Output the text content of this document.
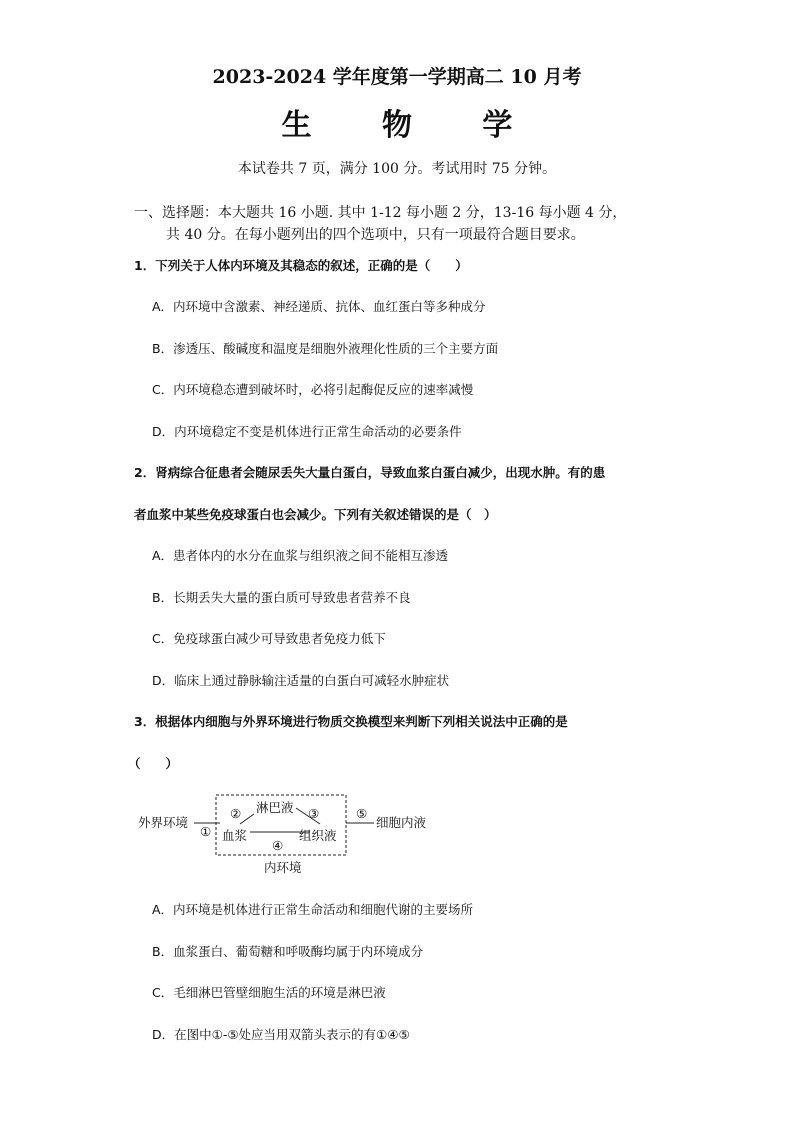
2023-2024 学年度第一学期高二 10 月考
生 物 学
本试卷共 7 页，满分 100 分。考试用时 75 分钟。
一、选择题：本大题共 16 小题. 其中 1-12 每小题 2 分，13-16 每小题 4 分，
共 40 分。在每小题列出的四个选项中，只有一项最符合题目要求。
1．下列关于人体内环境及其稳态的叙述，正确的是（　　）
A．内环境中含激素、神经递质、抗体、血红蛋白等多种成分
B．渗透压、酸碱度和温度是细胞外液理化性质的三个主要方面
C．内环境稳态遭到破坏时，必将引起酶促反应的速率减慢
D．内环境稳定不变是机体进行正常生命活动的必要条件
2．肾病综合征患者会随尿丢失大量白蛋白，导致血浆白蛋白减少，出现水肿。有的患
者血浆中某些免疫球蛋白也会减少。下列有关叙述错误的是（　）
A．患者体内的水分在血浆与组织液之间不能相互渗透
B．长期丢失大量的蛋白质可导致患者营养不良
C．免疫球蛋白减少可导致患者免疫力低下
D．临床上通过静脉输注适量的白蛋白可减轻水肿症状
3．根据体内细胞与外界环境进行物质交换模型来判断下列相关说法中正确的是
（　　）
外界环境
①
② 淋巴液 ③
血浆	组织液
④
⑤
细胞内液
内环境
A．内环境是机体进行正常生命活动和细胞代谢的主要场所
B．血浆蛋白、葡萄糖和呼吸酶均属于内环境成分
C．毛细淋巴管壁细胞生活的环境是淋巴液
D．在图中①-⑤处应当用双箭头表示的有①④⑤
